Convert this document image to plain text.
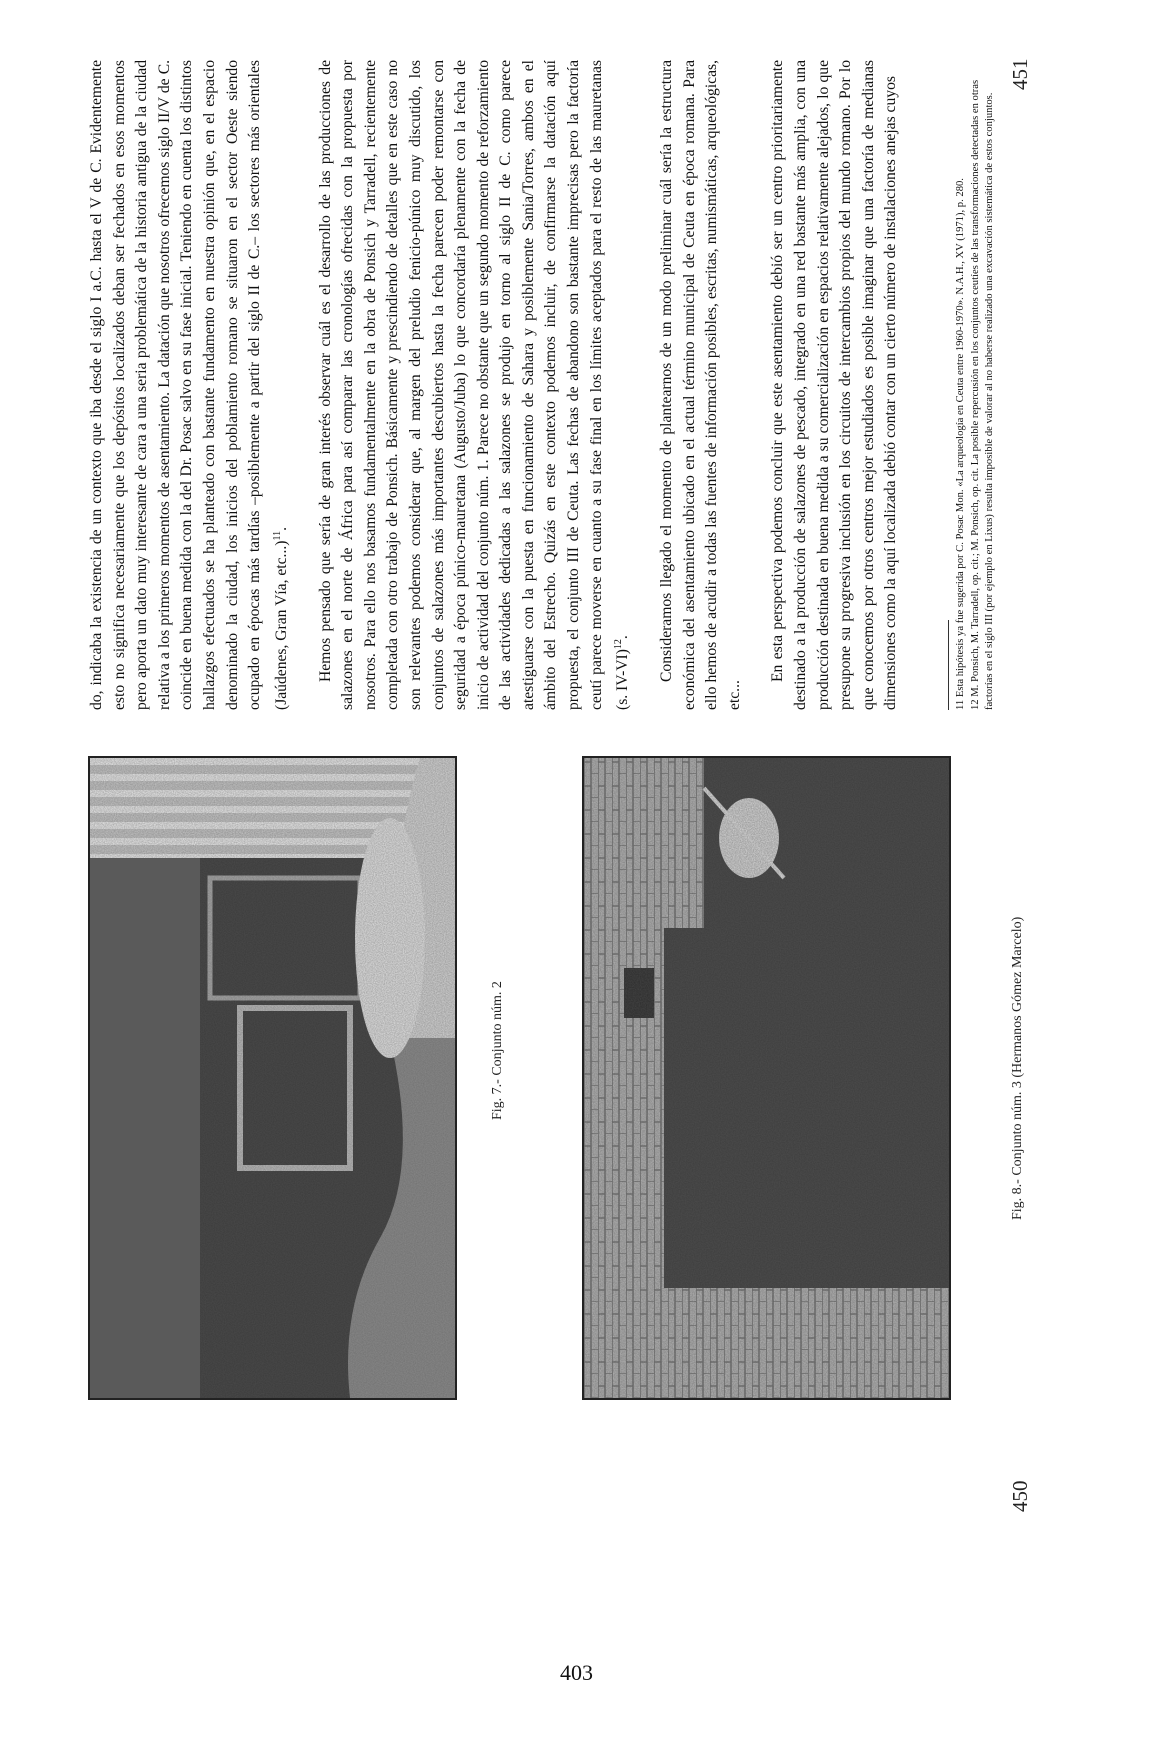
450
451
Fig. 7.- Conjunto núm. 2	Fig. 8.- Conjunto núm. 3 (Hermanos Gómez Marcelo)

do, indicaba la existencia de un contexto que iba desde el siglo I a.C. hasta el V de C. Evidentemente esto no significa necesariamente que los depósitos localizados deban ser fechados en esos momentos pero aporta un dato muy interesante de cara a una seria problemática de la historia antigua de la ciudad relativa a los primeros momentos de asentamiento. La datación que nosotros ofrecemos siglo II/V de C. coincide en buena medida con la del Dr. Posac salvo en su fase inicial. Teniendo en cuenta los distintos hallazgos efectuados se ha planteado con bastante fundamento en nuestra opinión que, en el espacio denominado la ciudad, los inicios del poblamiento romano se situaron en el sector Oeste siendo ocupado en épocas más tardías –posiblemente a partir del siglo II de C.– los sectores más orientales (Jaúdenes, Gran Vía, etc...)$^{11}$. Hemos pensado que sería de gran interés observar cuál es el desarrollo de las producciones de salazones en el norte de África para así comparar las cronologías ofrecidas con la propuesta por nosotros. Para ello nos basamos fundamentalmente en la obra de Ponsich y Tarradell, recientemente completada con otro trabajo de Ponsich. Básicamente y prescindiendo de detalles que en este caso no son relevantes podemos considerar que, al margen del preludio fenicio-púnico muy discutido, los conjuntos de salazones más importantes descubiertos hasta la fecha parecen poder remontarse con seguridad a época púnico-mauretana (Augusto/Juba) lo que concordaría plenamente con la fecha de inicio de actividad del conjunto núm. 1. Parece no obstante que un segundo momento de reforzamiento de las actividades dedicadas a las salazones se produjo en torno al siglo II de C. como parece atestiguarse con la puesta en funcionamiento de Sahara y posiblemente Sania/Torres, ambos en el ámbito del Estrecho. Quizás en este contexto podemos incluir, de confirmarse la datación aquí propuesta, el conjunto III de Ceuta. Las fechas de abandono son bastante imprecisas pero la factoría ceutí parece moverse en cuanto a su fase final en los límites aceptados para el resto de las mauretanas (s. IV-VI)$^{12}$. Consideramos llegado el momento de plantearnos de un modo preliminar cuál sería la estructura económica del asentamiento ubicado en el actual término municipal de Ceuta en época romana. Para ello hemos de acudir a todas las fuentes de información posibles, escritas, numismáticas, arqueológicas, etc...

En esta perspectiva podemos concluir que este asentamiento debió ser un centro prioritariamente destinado a la producción de salazones de pescado, integrado en una red bastante más amplia, con una producción destinada en buena medida a su comercialización en espacios relativamente alejados, lo que presupone su progresiva inclusión en los circuitos de intercambios propios del mundo romano. Por lo que conocemos por otros centros mejor estudiados es posible imaginar que una factoría de medianas dimensiones como la aquí localizada debió contar con un cierto número de instalaciones anejas cuyos	11 Esta hipótesis ya fue sugerida por C. Posac Mon. «La arqueología en Ceuta entre 1960-1970». N.A.H., XV (1971), p. 280. 12 M. Ponsich, M. Tarradell, op. cit.; M. Ponsich, op. cit. La posible repercusión en los conjuntos ceutíes de las transformaciones detectadas en otras factorías en el siglo III (por ejemplo en Lixus) resulta imposible de valorar al no haberse realizado una excavación sistemática de estos conjuntos.
403
